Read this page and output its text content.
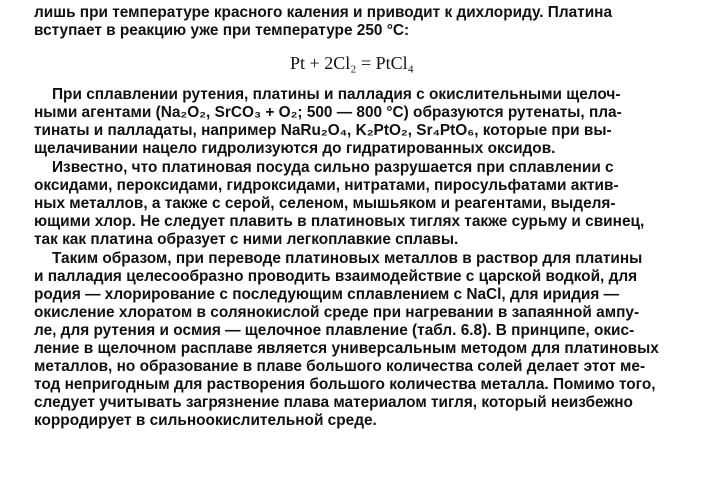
лишь при температуре красного каления и приводит к дихлориду. Платина
вступает в реакцию уже при температуре 250 °C:
Pt + 2Cl₂ = PtCl₄
При сплавлении рутения, платины и палладия с окислительными щелоч-
ными агентами (Na₂O₂, SrCO₃ + O₂; 500 — 800 °C) образуются рутенаты, пла-
тинаты и палладаты, например NaRu₂O₄, K₂PtO₂, Sr₄PtO₆, которые при вы-
щелачивании нацело гидролизуются до гидратированных оксидов.
Известно, что платиновая посуда сильно разрушается при сплавлении с
оксидами, пероксидами, гидроксидами, нитратами, пиросульфатами актив-
ных металлов, а также с серой, селеном, мышьяком и реагентами, выделя-
ющими хлор. Не следует плавить в платиновых тиглях также сурьму и свинец,
так как платина образует с ними легкоплавкие сплавы.
Таким образом, при переводе платиновых металлов в раствор для платины
и палладия целесообразно проводить взаимодействие с царской водкой, для
родия — хлорирование с последующим сплавлением с NaCl, для иридия —
окисление хлоратом в солянокислой среде при нагревании в запаянной ампу-
ле, для рутения и осмия — щелочное плавление (табл. 6.8). В принципе, окис-
ление в щелочном расплаве является универсальным методом для платиновых
металлов, но образование в плаве большого количества солей делает этот ме-
тод непригодным для растворения большого количества металла. Помимо того,
следует учитывать загрязнение плава материалом тигля, который неизбежно
корродирует в сильноокислительной среде.
